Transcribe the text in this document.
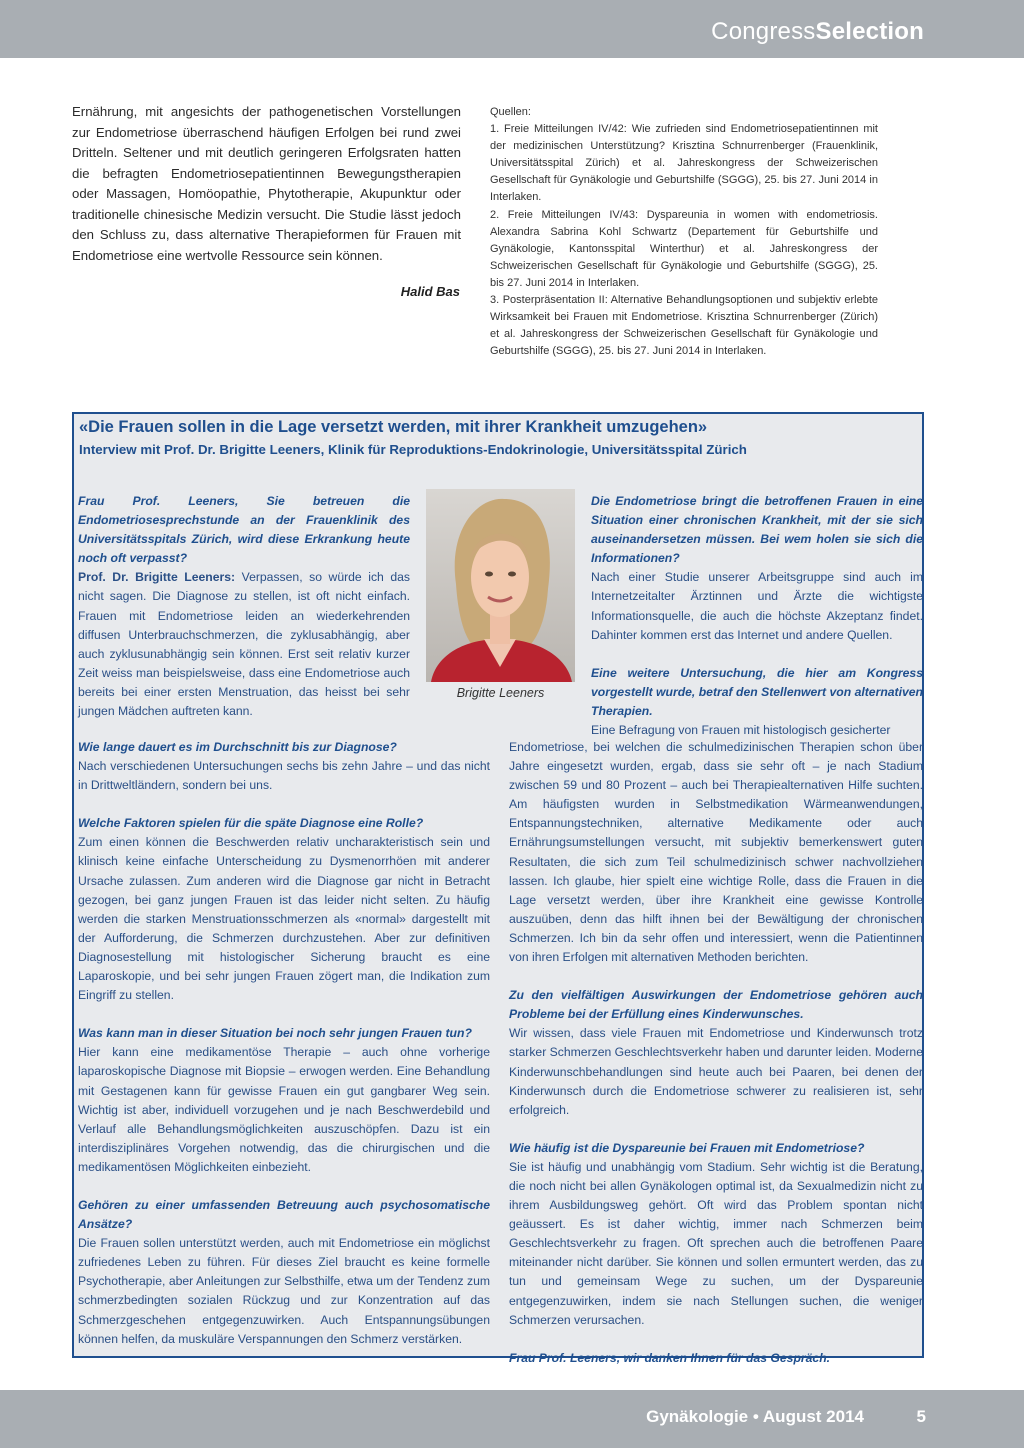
CongressSelection

Ernährung, mit angesichts der pathogenetischen Vorstellungen zur Endometriose überraschend häufigen Erfolgen bei rund zwei Dritteln. Seltener und mit deutlich geringeren Erfolgsraten hatten die befragten Endometriosepatientinnen Bewegungstherapien oder Massagen, Homöopathie, Phytotherapie, Akupunktur oder traditionelle chinesische Medizin versucht. Die Studie lässt jedoch den Schluss zu, dass alternative Therapieformen für Frauen mit Endometriose eine wertvolle Ressource sein können.

Halid Bas
Quellen:
1. Freie Mitteilungen IV/42: Wie zufrieden sind Endometriosepatientinnen mit der medizinischen Unterstützung? Krisztina Schnurrenberger (Frauenklinik, Universitätsspital Zürich) et al. Jahreskongress der Schweizerischen Gesellschaft für Gynäkologie und Geburtshilfe (SGGG), 25. bis 27. Juni 2014 in Interlaken.
2. Freie Mitteilungen IV/43: Dyspareunia in women with endometriosis. Alexandra Sabrina Kohl Schwartz (Departement für Geburtshilfe und Gynäkologie, Kantonsspital Winterthur) et al. Jahreskongress der Schweizerischen Gesellschaft für Gynäkologie und Geburtshilfe (SGGG), 25. bis 27. Juni 2014 in Interlaken.
3. Posterpräsentation II: Alternative Behandlungsoptionen und subjektiv erlebte Wirksamkeit bei Frauen mit Endometriose. Krisztina Schnurrenberger (Zürich) et al. Jahreskongress der Schweizerischen Gesellschaft für Gynäkologie und Geburtshilfe (SGGG), 25. bis 27. Juni 2014 in Interlaken.

«Die Frauen sollen in die Lage versetzt werden, mit ihrer Krankheit umzugehen»

Interview mit Prof. Dr. Brigitte Leeners, Klinik für Reproduktions-Endokrinologie, Universitätsspital Zürich

Brigitte Leeners

Frau Prof. Leeners, Sie betreuen die Endometriosesprechstunde an der Frauenklinik des Universitätsspitals Zürich, wird diese Erkrankung heute noch oft verpasst?

Prof. Dr. Brigitte Leeners: Verpassen, so würde ich das nicht sagen. Die Diagnose zu stellen, ist oft nicht einfach. Frauen mit Endometriose leiden an wiederkehrenden diffusen Unterbrauchschmerzen, die zyklusabhängig, aber auch zyklusunabhängig sein können. Erst seit relativ kurzer Zeit weiss man beispielsweise, dass eine Endometriose auch bereits bei einer ersten Menstruation, das heisst bei sehr jungen Mädchen auftreten kann.

Wie lange dauert es im Durchschnitt bis zur Diagnose?

Nach verschiedenen Untersuchungen sechs bis zehn Jahre – und das nicht in Drittweltländern, sondern bei uns.

Welche Faktoren spielen für die späte Diagnose eine Rolle?

Zum einen können die Beschwerden relativ uncharakteristisch sein und klinisch keine einfache Unterscheidung zu Dysmenorrhöen mit anderer Ursache zulassen. Zum anderen wird die Diagnose gar nicht in Betracht gezogen, bei ganz jungen Frauen ist das leider nicht selten. Zu häufig werden die starken Menstruationsschmerzen als «normal» dargestellt mit der Aufforderung, die Schmerzen durchzustehen. Aber zur definitiven Diagnosestellung mit histologischer Sicherung braucht es eine Laparoskopie, und bei sehr jungen Frauen zögert man, die Indikation zum Eingriff zu stellen.

Was kann man in dieser Situation bei noch sehr jungen Frauen tun?

Hier kann eine medikamentöse Therapie – auch ohne vorherige laparoskopische Diagnose mit Biopsie – erwogen werden. Eine Behandlung mit Gestagenen kann für gewisse Frauen ein gut gangbarer Weg sein. Wichtig ist aber, individuell vorzugehen und je nach Beschwerdebild und Verlauf alle Behandlungsmöglichkeiten auszuschöpfen. Dazu ist ein interdisziplinäres Vorgehen notwendig, das die chirurgischen und die medikamentösen Möglichkeiten einbezieht.

Gehören zu einer umfassenden Betreuung auch psychosomatische Ansätze?

Die Frauen sollen unterstützt werden, auch mit Endometriose ein möglichst zufriedenes Leben zu führen. Für dieses Ziel braucht es keine formelle Psychotherapie, aber Anleitungen zur Selbsthilfe, etwa um der Tendenz zum schmerzbedingten sozialen Rückzug und zur Konzentration auf das Schmerzgeschehen entgegenzuwirken. Auch Entspannungsübungen können helfen, da muskuläre Verspannungen den Schmerz verstärken.

Die Endometriose bringt die betroffenen Frauen in eine Situation einer chronischen Krankheit, mit der sie sich auseinandersetzen müssen. Bei wem holen sie sich die Informationen?

Nach einer Studie unserer Arbeitsgruppe sind auch im Internetzeitalter Ärztinnen und Ärzte die wichtigste Informationsquelle, die auch die höchste Akzeptanz findet. Dahinter kommen erst das Internet und andere Quellen.

Eine weitere Untersuchung, die hier am Kongress vorgestellt wurde, betraf den Stellenwert von alternativen Therapien.

Eine Befragung von Frauen mit histologisch gesicherter

Endometriose, bei welchen die schulmedizinischen Therapien schon über Jahre eingesetzt wurden, ergab, dass sie sehr oft – je nach Stadium zwischen 59 und 80 Prozent – auch bei Therapiealternativen Hilfe suchten. Am häufigsten wurden in Selbstmedikation Wärmeanwendungen, Entspannungstechniken, alternative Medikamente oder auch Ernährungsumstellungen versucht, mit subjektiv bemerkenswert guten Resultaten, die sich zum Teil schulmedizinisch schwer nachvollziehen lassen. Ich glaube, hier spielt eine wichtige Rolle, dass die Frauen in die Lage versetzt werden, über ihre Krankheit eine gewisse Kontrolle auszuüben, denn das hilft ihnen bei der Bewältigung der chronischen Schmerzen. Ich bin da sehr offen und interessiert, wenn die Patientinnen von ihren Erfolgen mit alternativen Methoden berichten.

Zu den vielfältigen Auswirkungen der Endometriose gehören auch Probleme bei der Erfüllung eines Kinderwunsches.

Wir wissen, dass viele Frauen mit Endometriose und Kinderwunsch trotz starker Schmerzen Geschlechtsverkehr haben und darunter leiden. Moderne Kinderwunschbehandlungen sind heute auch bei Paaren, bei denen der Kinderwunsch durch die Endometriose schwerer zu realisieren ist, sehr erfolgreich.

Wie häufig ist die Dyspareunie bei Frauen mit Endometriose?

Sie ist häufig und unabhängig vom Stadium. Sehr wichtig ist die Beratung, die noch nicht bei allen Gynäkologen optimal ist, da Sexualmedizin nicht zu ihrem Ausbildungsweg gehört. Oft wird das Problem spontan nicht geäussert. Es ist daher wichtig, immer nach Schmerzen beim Geschlechtsverkehr zu fragen. Oft sprechen auch die betroffenen Paare miteinander nicht darüber. Sie können und sollen ermuntert werden, das zu tun und gemeinsam Wege zu suchen, um der Dyspareunie entgegenzuwirken, indem sie nach Stellungen suchen, die weniger Schmerzen verursachen.

Frau Prof. Leeners, wir danken Ihnen für das Gespräch.

Gynäkologie • August 2014	5
